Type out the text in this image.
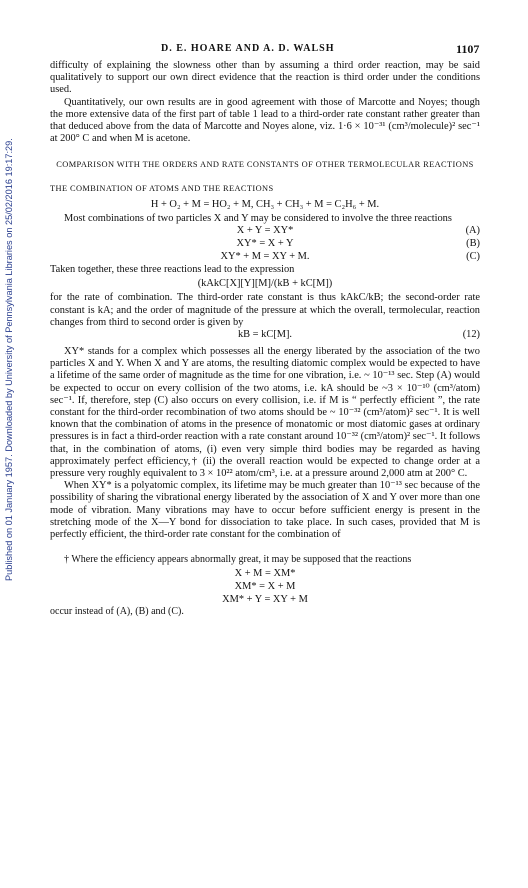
Published on 01 January 1957. Downloaded by University of Pennsylvania Libraries on 25/02/2016 19:17:29.
D. E. HOARE AND A. D. WALSH	1107

difficulty of explaining the slowness other than by assuming a third order reaction, may be said qualitatively to support our own direct evidence that the reaction is third order under the conditions used.

Quantitatively, our own results are in good agreement with those of Marcotte and Noyes; though the more extensive data of the first part of table 1 lead to a third-order rate constant rather greater than that deduced above from the data of Marcotte and Noyes alone, viz. 1·6 × 10⁻³¹ (cm³/molecule)² sec⁻¹ at 200° C and when M is acetone.

COMPARISON WITH THE ORDERS AND RATE CONSTANTS OF OTHER TERMOLECULAR REACTIONS
THE COMBINATION OF ATOMS AND THE REACTIONS
H + O₂ + M = HO₂ + M, CH₃ + CH₃ + M = C₂H₆ + M.

Most combinations of two particles X and Y may be considered to involve the three reactions

X + Y = XY*	(A)
XY* = X + Y	(B)
XY* + M = XY + M.	(C)

Taken together, these three reactions lead to the expression

(kAkC[X][Y][M]/(kB + kC[M])

for the rate of combination. The third-order rate constant is thus kAkC/kB; the second-order rate constant is kA; and the order of magnitude of the pressure at which the overall, termolecular, reaction changes from third to second order is given by

kB = kC[M].	(12)

XY* stands for a complex which possesses all the energy liberated by the association of the two particles X and Y. When X and Y are atoms, the resulting diatomic complex would be expected to have a lifetime of the same order of magnitude as the time for one vibration, i.e. ~ 10⁻¹³ sec. Step (A) would be expected to occur on every collision of the two atoms, i.e. kA should be ~3 × 10⁻¹⁰ (cm³/atom) sec⁻¹. If, therefore, step (C) also occurs on every collision, i.e. if M is “ perfectly efficient ”, the rate constant for the third-order recombination of two atoms should be ~ 10⁻³² (cm³/atom)² sec⁻¹. It is well known that the combination of atoms in the presence of monatomic or most diatomic gases at ordinary pressures is in fact a third-order reaction with a rate constant around 10⁻³² (cm³/atom)² sec⁻¹. It follows that, in the combination of atoms, (i) even very simple third bodies may be regarded as having approximately perfect efficiency,† (ii) the overall reaction would be expected to change order at a pressure very roughly equivalent to 3 × 10²² atom/cm³, i.e. at a pressure around 2,000 atm at 200° C.

When XY* is a polyatomic complex, its lifetime may be much greater than 10⁻¹³ sec because of the possibility of sharing the vibrational energy liberated by the association of X and Y over more than one mode of vibration. Many vibrations may have to occur before sufficient energy is present in the stretching mode of the X—Y bond for dissociation to take place. In such cases, provided that M is perfectly efficient, the third-order rate constant for the combination of

† Where the efficiency appears abnormally great, it may be supposed that the reactions

X + M = XM*
XM* = X + M
XM* + Y = XY + M

occur instead of (A), (B) and (C).
